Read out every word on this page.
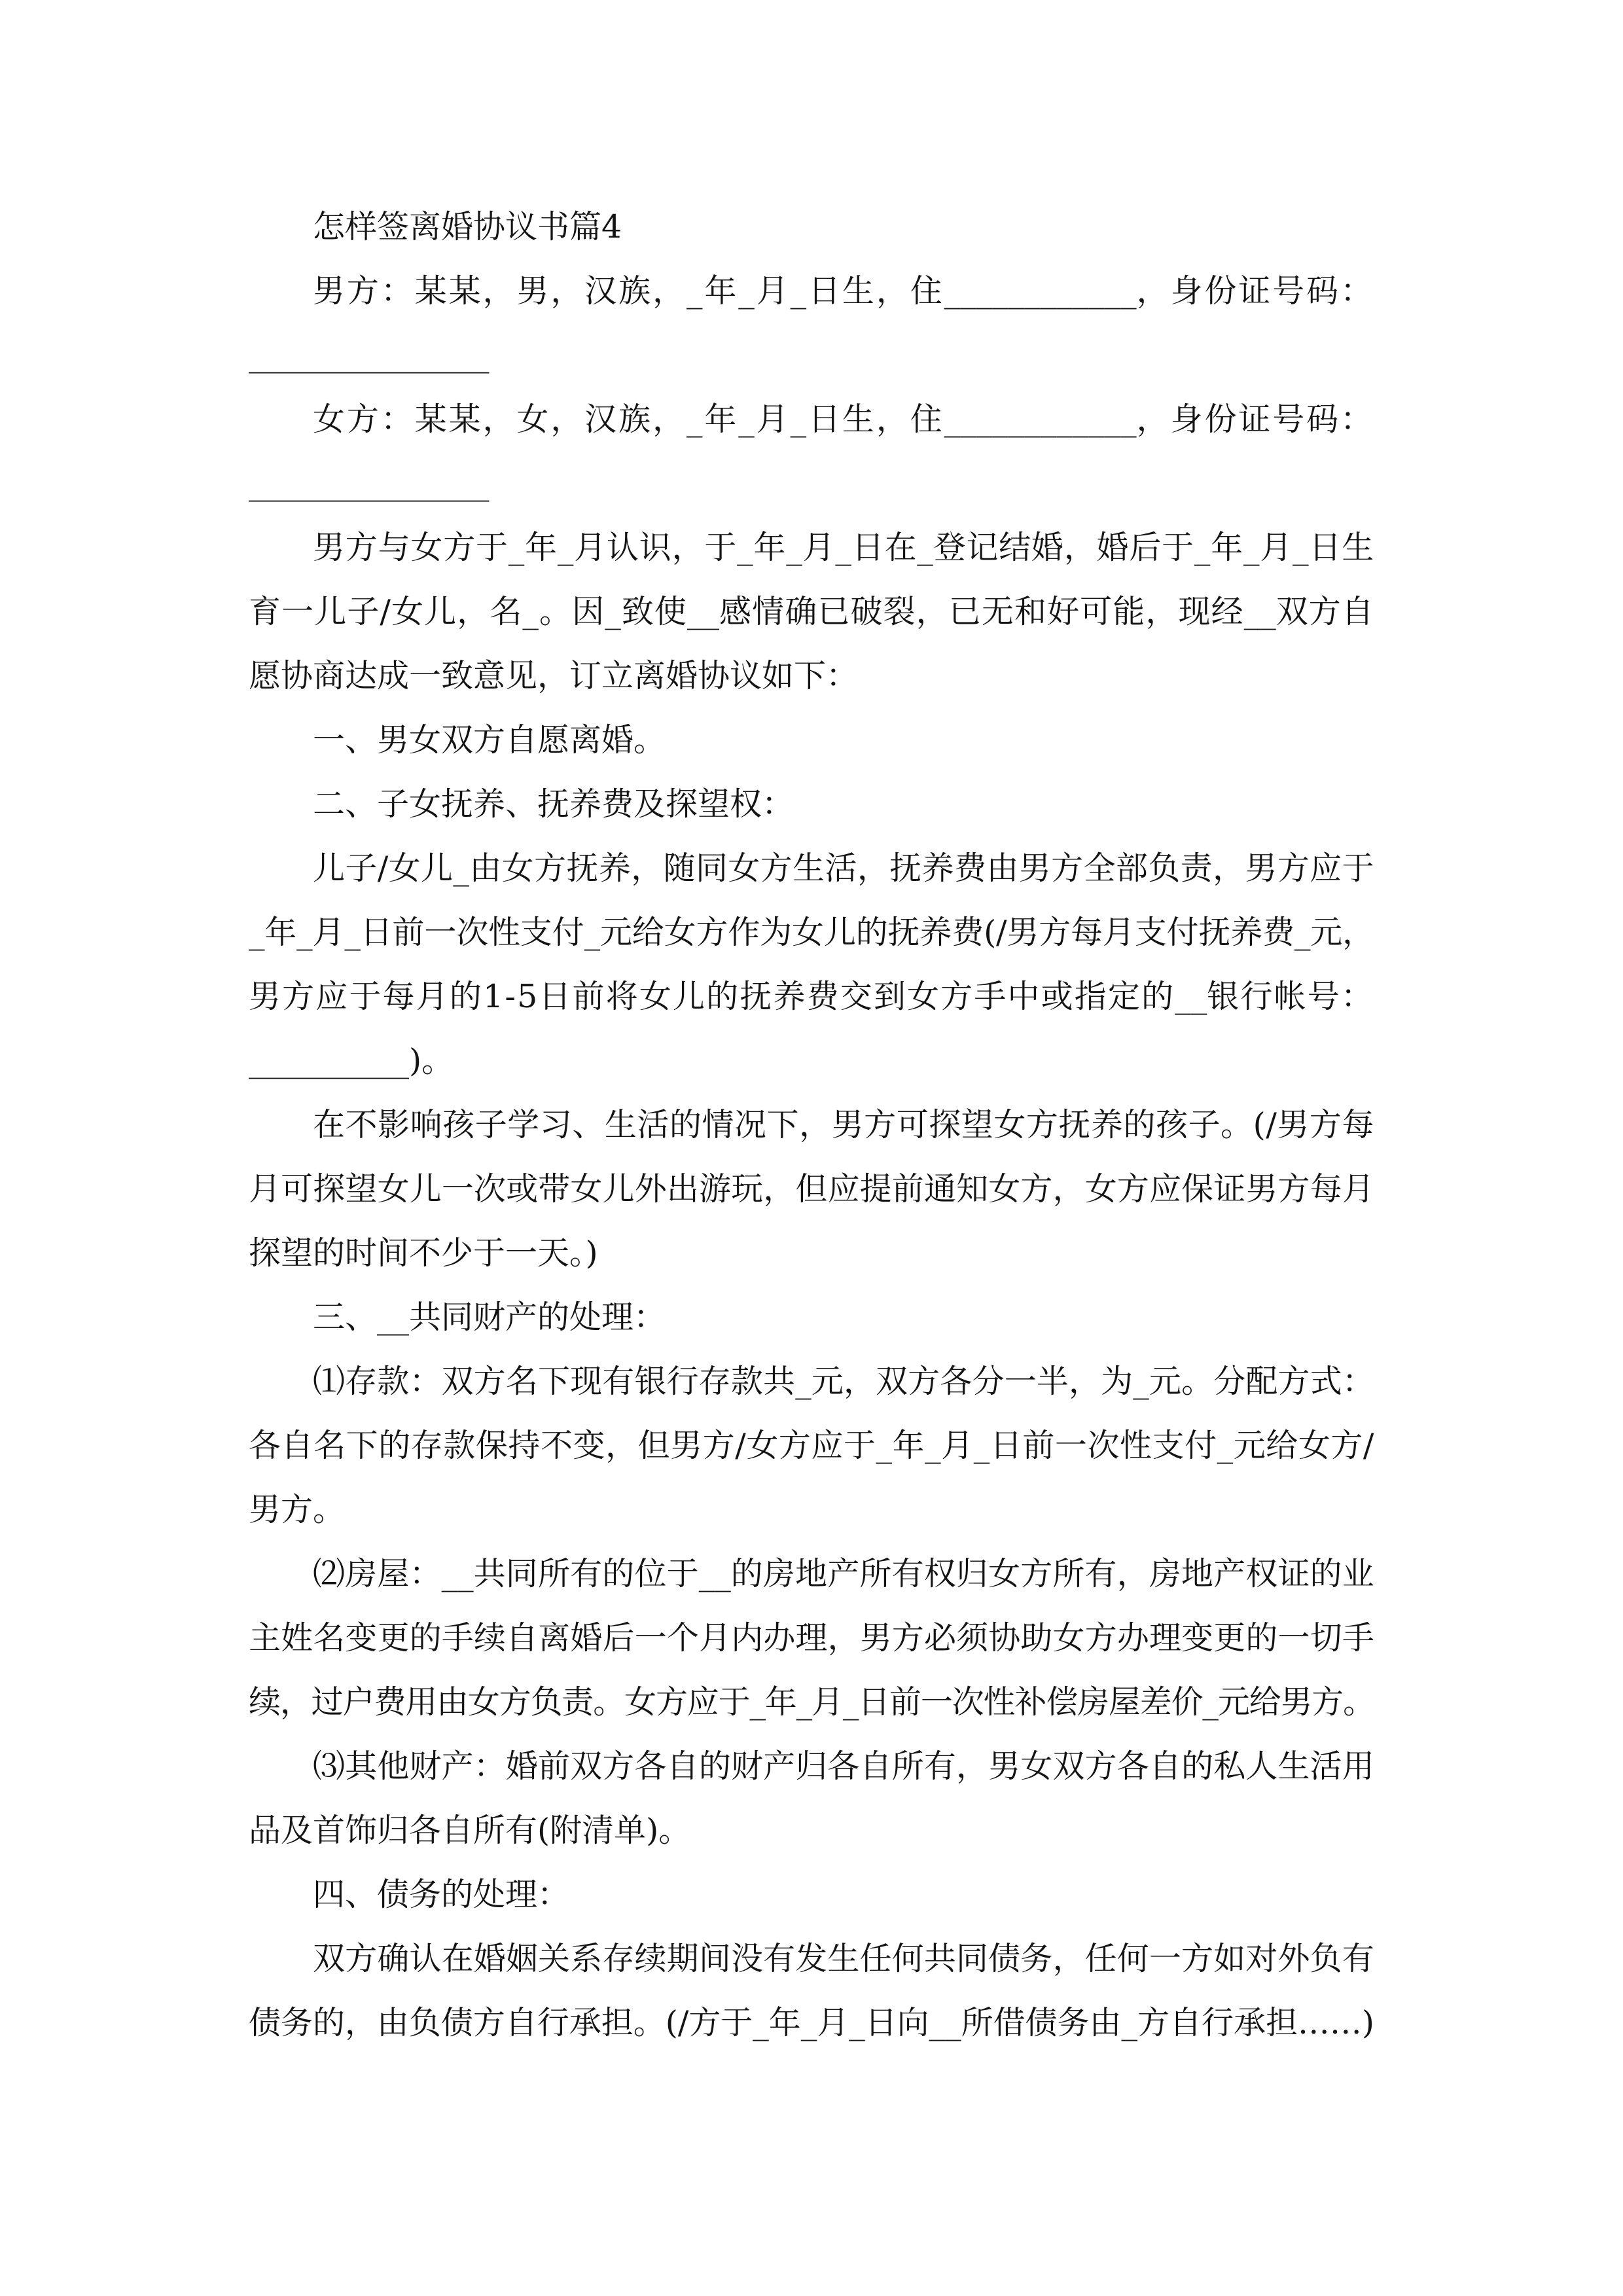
怎样签离婚协议书篇4
男方：某某，男，汉族，_年_月_日生，住____________，身份证号码：
_______________
女方：某某，女，汉族，_年_月_日生，住____________，身份证号码：
_______________
男方与女方于_年_月认识，于_年_月_日在_登记结婚，婚后于_年_月_日生
育一儿子/女儿，名_。因_致使__感情确已破裂，已无和好可能，现经__双方自
愿协商达成一致意见，订立离婚协议如下：
一、男女双方自愿离婚。
二、子女抚养、抚养费及探望权：
儿子/女儿_由女方抚养，随同女方生活，抚养费由男方全部负责，男方应于
_年_月_日前一次性支付_元给女方作为女儿的抚养费(/男方每月支付抚养费_元，
男方应于每月的1-5日前将女儿的抚养费交到女方手中或指定的__银行帐号：
__________)。
在不影响孩子学习、生活的情况下，男方可探望女方抚养的孩子。(/男方每
月可探望女儿一次或带女儿外出游玩，但应提前通知女方，女方应保证男方每月
探望的时间不少于一天。)
三、__共同财产的处理：
⑴存款：双方名下现有银行存款共_元，双方各分一半，为_元。分配方式：
各自名下的存款保持不变，但男方/女方应于_年_月_日前一次性支付_元给女方/
男方。
⑵房屋：__共同所有的位于__的房地产所有权归女方所有，房地产权证的业
主姓名变更的手续自离婚后一个月内办理，男方必须协助女方办理变更的一切手
续，过户费用由女方负责。女方应于_年_月_日前一次性补偿房屋差价_元给男方。
⑶其他财产：婚前双方各自的财产归各自所有，男女双方各自的私人生活用
品及首饰归各自所有(附清单)。
四、债务的处理：
双方确认在婚姻关系存续期间没有发生任何共同债务，任何一方如对外负有
债务的，由负债方自行承担。(/方于_年_月_日向__所借债务由_方自行承担……)
